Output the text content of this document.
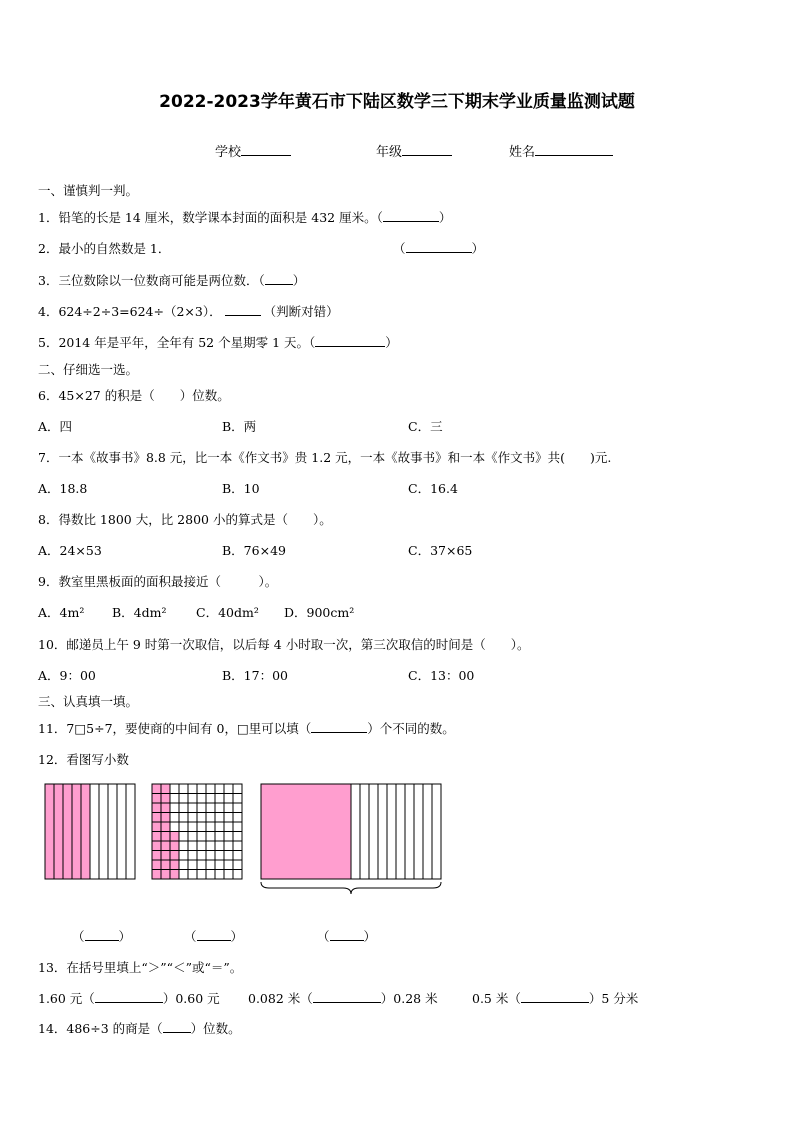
2022-2023学年黄石市下陆区数学三下期末学业质量监测试题
学校	年级	姓名
一、谨慎判一判。
1．铅笔的长是 14 厘米，数学课本封面的面积是 432 厘米。（	）
2．最小的自然数是 1．	（	）
3．三位数除以一位数商可能是两位数．（ ）
4．624÷2÷3=624÷（2×3）．	（判断对错）
5．2014 年是平年，全年有 52 个星期零 1 天。（	）
二、仔细选一选。
6．45×27 的积是（　　）位数。
A．四	B．两	C．三
7．一本《故事书》8.8 元，比一本《作文书》贵 1.2 元，一本《故事书》和一本《作文书》共(　　)元.
A．18.8	B．10	C．16.4
8．得数比 1800 大，比 2800 小的算式是（　　）。
A．24×53	B．76×49	C．37×65
9．教室里黑板面的面积最接近（　　　）。
A．4m² B．4dm² C．40dm² D．900cm²
10．邮递员上午 9 时第一次取信，以后每 4 小时取一次，第三次取信的时间是（　　）。
A．9：00	B．17：00	C．13：00
三、认真填一填。
11．7□5÷7，要使商的中间有 0，□里可以填（	）个不同的数。
12．看图写小数
（	）	（	）	（	）
13．在括号里填上“＞”“＜”或“＝”。
1.60 元（	）0.60 元 0.082 米（	）0.28 米	0.5 米（	）5 分米
14．486÷3 的商是（ ）位数。
